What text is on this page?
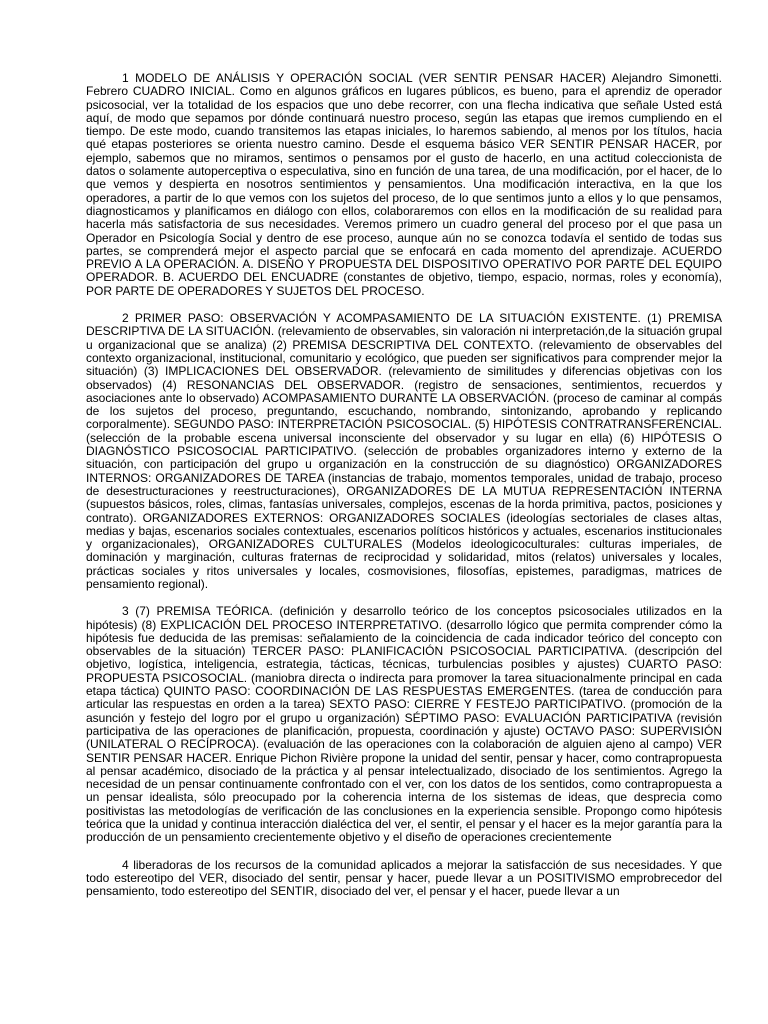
1 MODELO DE ANÁLISIS Y OPERACIÓN SOCIAL (VER SENTIR PENSAR HACER) Alejandro Simonetti. Febrero CUADRO INICIAL. Como en algunos gráficos en lugares públicos, es bueno, para el aprendiz de operador psicosocial, ver la totalidad de los espacios que uno debe recorrer, con una flecha indicativa que señale Usted está aquí, de modo que sepamos por dónde continuará nuestro proceso, según las etapas que iremos cumpliendo en el tiempo. De este modo, cuando transitemos las etapas iniciales, lo haremos sabiendo, al menos por los títulos, hacia qué etapas posteriores se orienta nuestro camino. Desde el esquema básico VER SENTIR PENSAR HACER, por ejemplo, sabemos que no miramos, sentimos o pensamos por el gusto de hacerlo, en una actitud coleccionista de datos o solamente autoperceptiva o especulativa, sino en función de una tarea, de una modificación, por el hacer, de lo que vemos y despierta en nosotros sentimientos y pensamientos. Una modificación interactiva, en la que los operadores, a partir de lo que vemos con los sujetos del proceso, de lo que sentimos junto a ellos y lo que pensamos, diagnosticamos y planificamos en diálogo con ellos, colaboraremos con ellos en la modificación de su realidad para hacerla más satisfactoria de sus necesidades. Veremos primero un cuadro general del proceso por el que pasa un Operador en Psicología Social y dentro de ese proceso, aunque aún no se conozca todavía el sentido de todas sus partes, se comprenderá mejor el aspecto parcial que se enfocará en cada momento del aprendizaje. ACUERDO PREVIO A LA OPERACIÓN. A. DISEÑO Y PROPUESTA DEL DISPOSITIVO OPERATIVO POR PARTE DEL EQUIPO OPERADOR. B. ACUERDO DEL ENCUADRE (constantes de objetivo, tiempo, espacio, normas, roles y economía), POR PARTE DE OPERADORES Y SUJETOS DEL PROCESO.

2 PRIMER PASO: OBSERVACIÓN Y ACOMPASAMIENTO DE LA SITUACIÓN EXISTENTE. (1) PREMISA DESCRIPTIVA DE LA SITUACIÓN. (relevamiento de observables, sin valoración ni interpretación,de la situación grupal u organizacional que se analiza) (2) PREMISA DESCRIPTIVA DEL CONTEXTO. (relevamiento de observables del contexto organizacional, institucional, comunitario y ecológico, que pueden ser significativos para comprender mejor la situación) (3) IMPLICACIONES DEL OBSERVADOR. (relevamiento de similitudes y diferencias objetivas con los observados) (4) RESONANCIAS DEL OBSERVADOR. (registro de sensaciones, sentimientos, recuerdos y asociaciones ante lo observado) ACOMPASAMIENTO DURANTE LA OBSERVACIÓN. (proceso de caminar al compás de los sujetos del proceso, preguntando, escuchando, nombrando, sintonizando, aprobando y replicando corporalmente). SEGUNDO PASO: INTERPRETACIÓN PSICOSOCIAL. (5) HIPÓTESIS CONTRATRANSFERENCIAL. (selección de la probable escena universal inconsciente del observador y su lugar en ella) (6) HIPÓTESIS O DIAGNÓSTICO PSICOSOCIAL PARTICIPATIVO. (selección de probables organizadores interno y externo de la situación, con participación del grupo u organización en la construcción de su diagnóstico) ORGANIZADORES INTERNOS: ORGANIZADORES DE TAREA (instancias de trabajo, momentos temporales, unidad de trabajo, proceso de desestructuraciones y reestructuraciones), ORGANIZADORES DE LA MUTUA REPRESENTACIÓN INTERNA (supuestos básicos, roles, climas, fantasías universales, complejos, escenas de la horda primitiva, pactos, posiciones y contrato). ORGANIZADORES EXTERNOS: ORGANIZADORES SOCIALES (ideologías sectoriales de clases altas, medias y bajas, escenarios sociales contextuales, escenarios políticos históricos y actuales, escenarios institucionales y organizacionales), ORGANIZADORES CULTURALES (Modelos ideologicoculturales: culturas imperiales, de dominación y marginación, culturas fraternas de reciprocidad y solidaridad, mitos (relatos) universales y locales, prácticas sociales y ritos universales y locales, cosmovisiones, filosofías, epistemes, paradigmas, matrices de pensamiento regional).

3 (7) PREMISA TEÓRICA. (definición y desarrollo teórico de los conceptos psicosociales utilizados en la hipótesis) (8) EXPLICACIÓN DEL PROCESO INTERPRETATIVO. (desarrollo lógico que permita comprender cómo la hipótesis fue deducida de las premisas: señalamiento de la coincidencia de cada indicador teórico del concepto con observables de la situación) TERCER PASO: PLANIFICACIÓN PSICOSOCIAL PARTICIPATIVA. (descripción del objetivo, logística, inteligencia, estrategia, tácticas, técnicas, turbulencias posibles y ajustes) CUARTO PASO: PROPUESTA PSICOSOCIAL. (maniobra directa o indirecta para promover la tarea situacionalmente principal en cada etapa táctica) QUINTO PASO: COORDINACIÓN DE LAS RESPUESTAS EMERGENTES. (tarea de conducción para articular las respuestas en orden a la tarea) SEXTO PASO: CIERRE Y FESTEJO PARTICIPATIVO. (promoción de la asunción y festejo del logro por el grupo u organización) SÉPTIMO PASO: EVALUACIÓN PARTICIPATIVA (revisión participativa de las operaciones de planificación, propuesta, coordinación y ajuste) OCTAVO PASO: SUPERVISIÓN (UNILATERAL O RECÍPROCA). (evaluación de las operaciones con la colaboración de alguien ajeno al campo) VER SENTIR PENSAR HACER. Enrique Pichon Rivière propone la unidad del sentir, pensar y hacer, como contrapropuesta al pensar académico, disociado de la práctica y al pensar intelectualizado, disociado de los sentimientos. Agrego la necesidad de un pensar continuamente confrontado con el ver, con los datos de los sentidos, como contrapropuesta a un pensar idealista, sólo preocupado por la coherencia interna de los sistemas de ideas, que desprecia como positivistas las metodologías de verificación de las conclusiones en la experiencia sensible. Propongo como hipótesis teórica que la unidad y continua interacción dialéctica del ver, el sentir, el pensar y el hacer es la mejor garantía para la producción de un pensamiento crecientemente objetivo y el diseño de operaciones crecientemente

4 liberadoras de los recursos de la comunidad aplicados a mejorar la satisfacción de sus necesidades. Y que todo estereotipo del VER, disociado del sentir, pensar y hacer, puede llevar a un POSITIVISMO emprobrecedor del pensamiento, todo estereotipo del SENTIR, disociado del ver, el pensar y el hacer, puede llevar a un
